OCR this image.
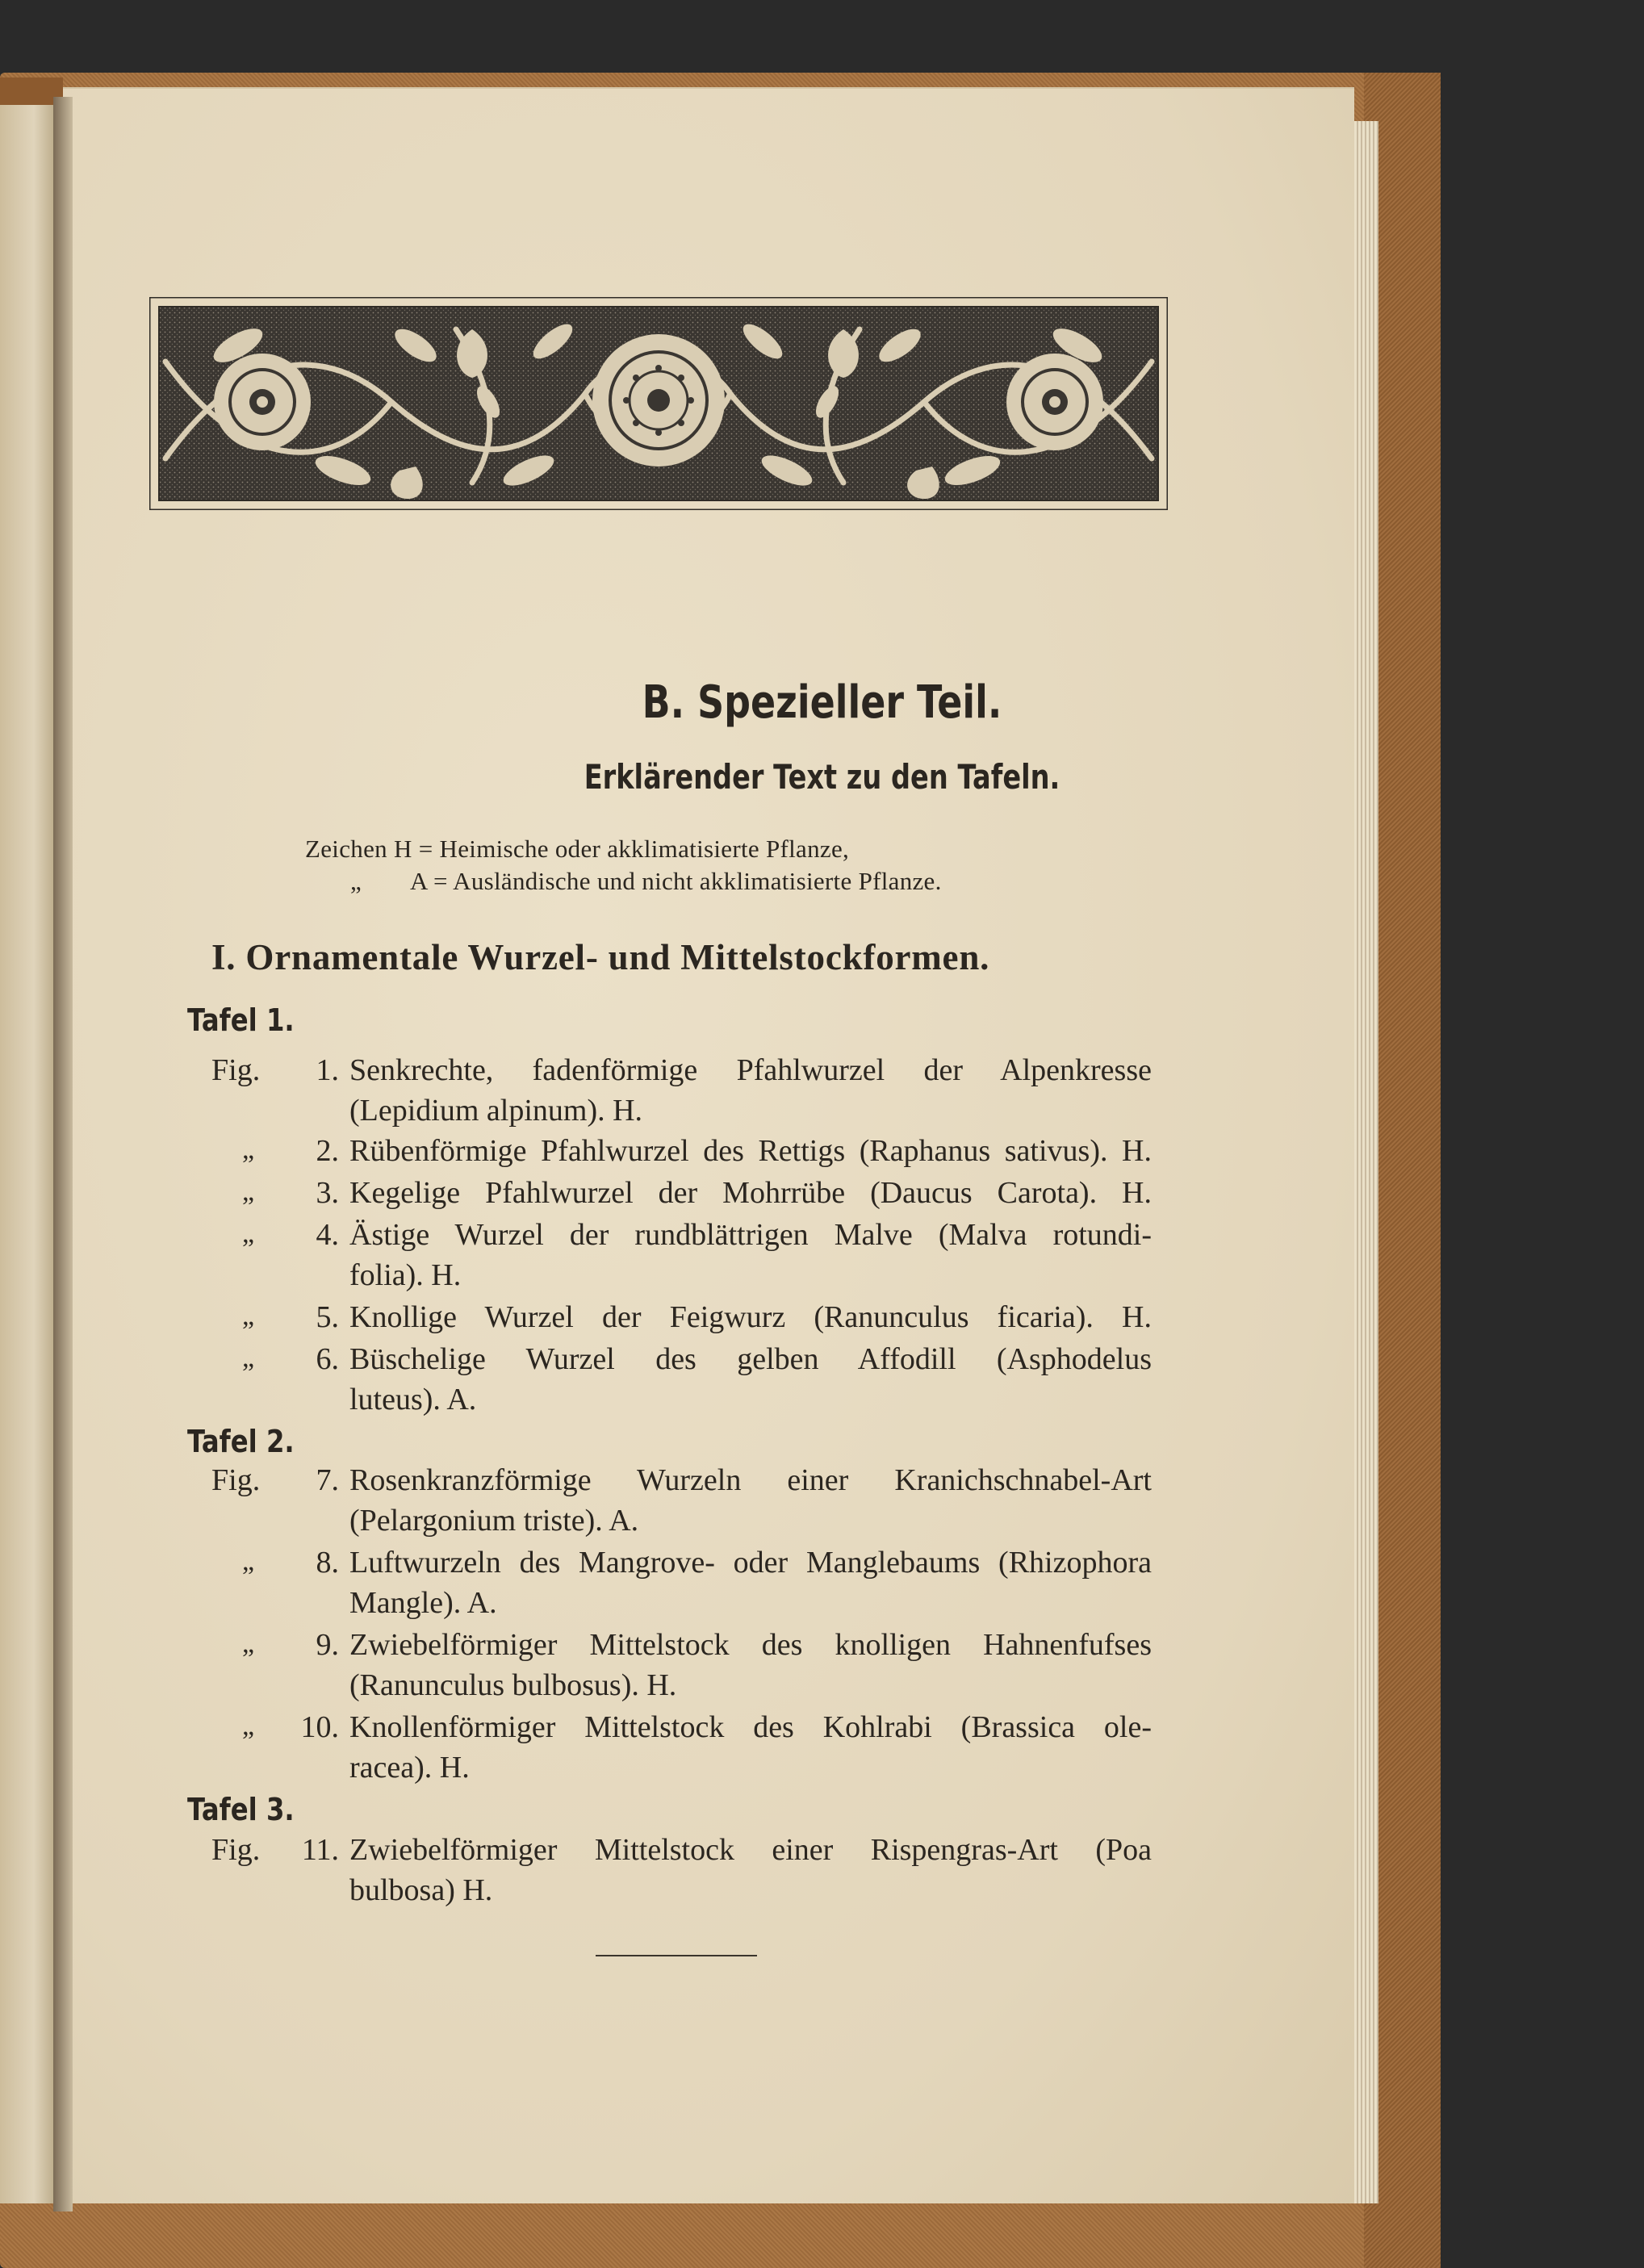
B. Spezieller Teil.
Erklärender Text zu den Tafeln.

Zeichen H = Heimische oder akklimatisierte Pflanze,

„ A = Ausländische und nicht akklimatisierte Pflanze.

I. Ornamentale Wurzel- und Mittelstockformen.

Tafel 1.

Fig.	1. Senkrechte, fadenförmige Pfahlwurzel der Alpenkresse

(Lepidium alpinum). H.

„	2. Rübenförmige Pfahlwurzel des Rettigs (Raphanus sativus). H.

„	3. Kegelige Pfahlwurzel der Mohrrübe (Daucus Carota). H.

„	4. Ästige Wurzel der rundblättrigen Malve (Malva rotundi-

folia). H.

„	5. Knollige Wurzel der Feigwurz (Ranunculus ficaria). H.

„	6. Büschelige Wurzel des gelben Affodill (Asphodelus

luteus). A.

Tafel 2.

Fig.	7. Rosenkranzförmige Wurzeln einer Kranichschnabel-Art

(Pelargonium triste). A.

„	8. Luftwurzeln des Mangrove- oder Manglebaums (Rhizophora

Mangle). A.

„	9. Zwiebelförmiger Mittelstock des knolligen Hahnenfufses

(Ranunculus bulbosus). H.

„	10. Knollenförmiger Mittelstock des Kohlrabi (Brassica ole-

racea). H.

Tafel 3.

Fig.	11. Zwiebelförmiger Mittelstock einer Rispengras-Art (Poa

bulbosa) H.
